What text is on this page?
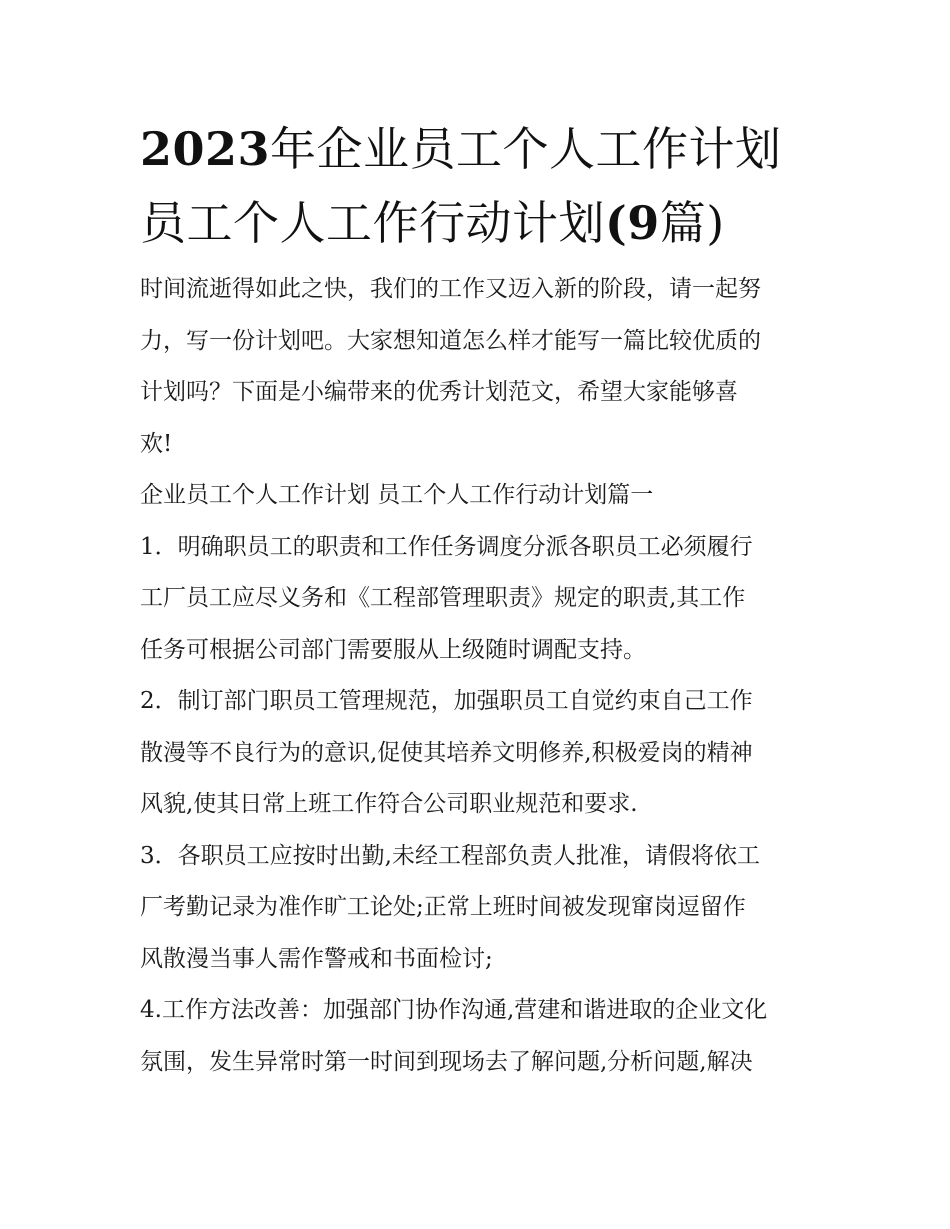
2023年企业员工个人工作计划
员工个人工作行动计划(9篇)
时间流逝得如此之快，我们的工作又迈入新的阶段，请一起努
力，写一份计划吧。大家想知道怎么样才能写一篇比较优质的
计划吗？下面是小编带来的优秀计划范文，希望大家能够喜
欢!
企业员工个人工作计划 员工个人工作行动计划篇一
1．明确职员工的职责和工作任务调度分派各职员工必须履行
工厂员工应尽义务和《工程部管理职责》规定的职责,其工作
任务可根据公司部门需要服从上级随时调配支持。
2．制订部门职员工管理规范，加强职员工自觉约束自己工作
散漫等不良行为的意识,促使其培养文明修养,积极爱岗的精神
风貌,使其日常上班工作符合公司职业规范和要求.
3．各职员工应按时出勤,未经工程部负责人批准，请假将依工
厂考勤记录为准作旷工论处;正常上班时间被发现窜岗逗留作
风散漫当事人需作警戒和书面检讨;
4.工作方法改善：加强部门协作沟通,营建和谐进取的企业文化
氛围，发生异常时第一时间到现场去了解问题,分析问题,解决
